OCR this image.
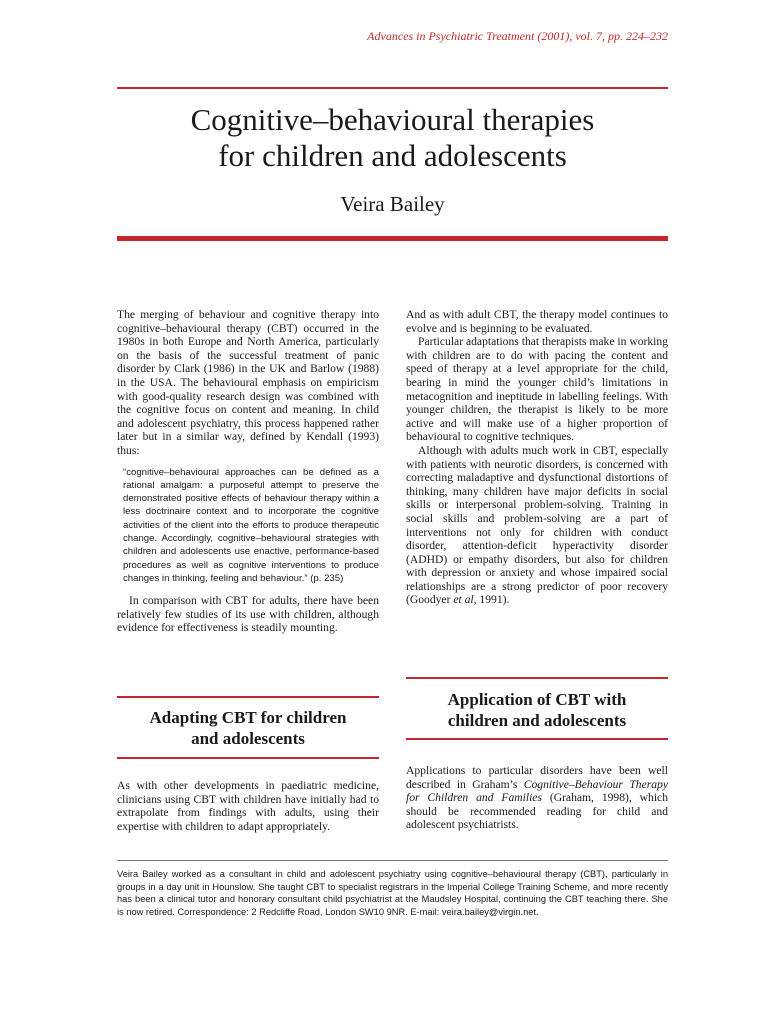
Advances in Psychiatric Treatment (2001), vol. 7, pp. 224–232
Cognitive–behavioural therapies
for children and adolescents
Veira Bailey

The merging of behaviour and cognitive therapy into cognitive–behavioural therapy (CBT) occurred in the 1980s in both Europe and North America, particularly on the basis of the successful treatment of panic disorder by Clark (1986) in the UK and Barlow (1988) in the USA. The behavioural emphasis on empiricism with good-quality research design was combined with the cognitive focus on content and meaning. In child and adolescent psychiatry, this process happened rather later but in a similar way, defined by Kendall (1993) thus:

“cognitive–behavioural approaches can be defined as a rational amalgam: a purposeful attempt to preserve the demonstrated positive effects of behaviour therapy within a less doctrinaire context and to incorporate the cognitive activities of the client into the efforts to produce therapeutic change. Accordingly, cognitive–behavioural strategies with children and adolescents use enactive, performance-based procedures as well as cognitive interventions to produce changes in thinking, feeling and behaviour.” (p. 235)

In comparison with CBT for adults, there have been relatively few studies of its use with children, although evidence for effectiveness is steadily mounting.

Adapting CBT for children
and adolescents

As with other developments in paediatric medicine, clinicians using CBT with children have initially had to extrapolate from findings with adults, using their expertise with children to adapt appropriately.

And as with adult CBT, the therapy model continues to evolve and is beginning to be evaluated.

Particular adaptations that therapists make in working with children are to do with pacing the content and speed of therapy at a level appropriate for the child, bearing in mind the younger child’s limitations in metacognition and ineptitude in labelling feelings. With younger children, the therapist is likely to be more active and will make use of a higher proportion of behavioural to cognitive techniques.

Although with adults much work in CBT, especially with patients with neurotic disorders, is concerned with correcting maladaptive and dysfunctional distortions of thinking, many children have major deficits in social skills or interpersonal problem-solving. Training in social skills and problem-solving are a part of interventions not only for children with conduct disorder, attention-deficit hyperactivity disorder (ADHD) or empathy disorders, but also for children with depression or anxiety and whose impaired social relationships are a strong predictor of poor recovery (Goodyer et al, 1991).

Application of CBT with
children and adolescents

Applications to particular disorders have been well described in Graham’s Cognitive–Behaviour Therapy for Children and Families (Graham, 1998), which should be recommended reading for child and adolescent psychiatrists.

Veira Bailey worked as a consultant in child and adolescent psychiatry using cognitive–behavioural therapy (CBT), particularly in groups in a day unit in Hounslow. She taught CBT to specialist registrars in the Imperial College Training Scheme, and more recently has been a clinical tutor and honorary consultant child psychiatrist at the Maudsley Hospital, continuing the CBT teaching there. She is now retired. Correspondence: 2 Redcliffe Road, London SW10 9NR. E-mail: veira.bailey@virgin.net.
